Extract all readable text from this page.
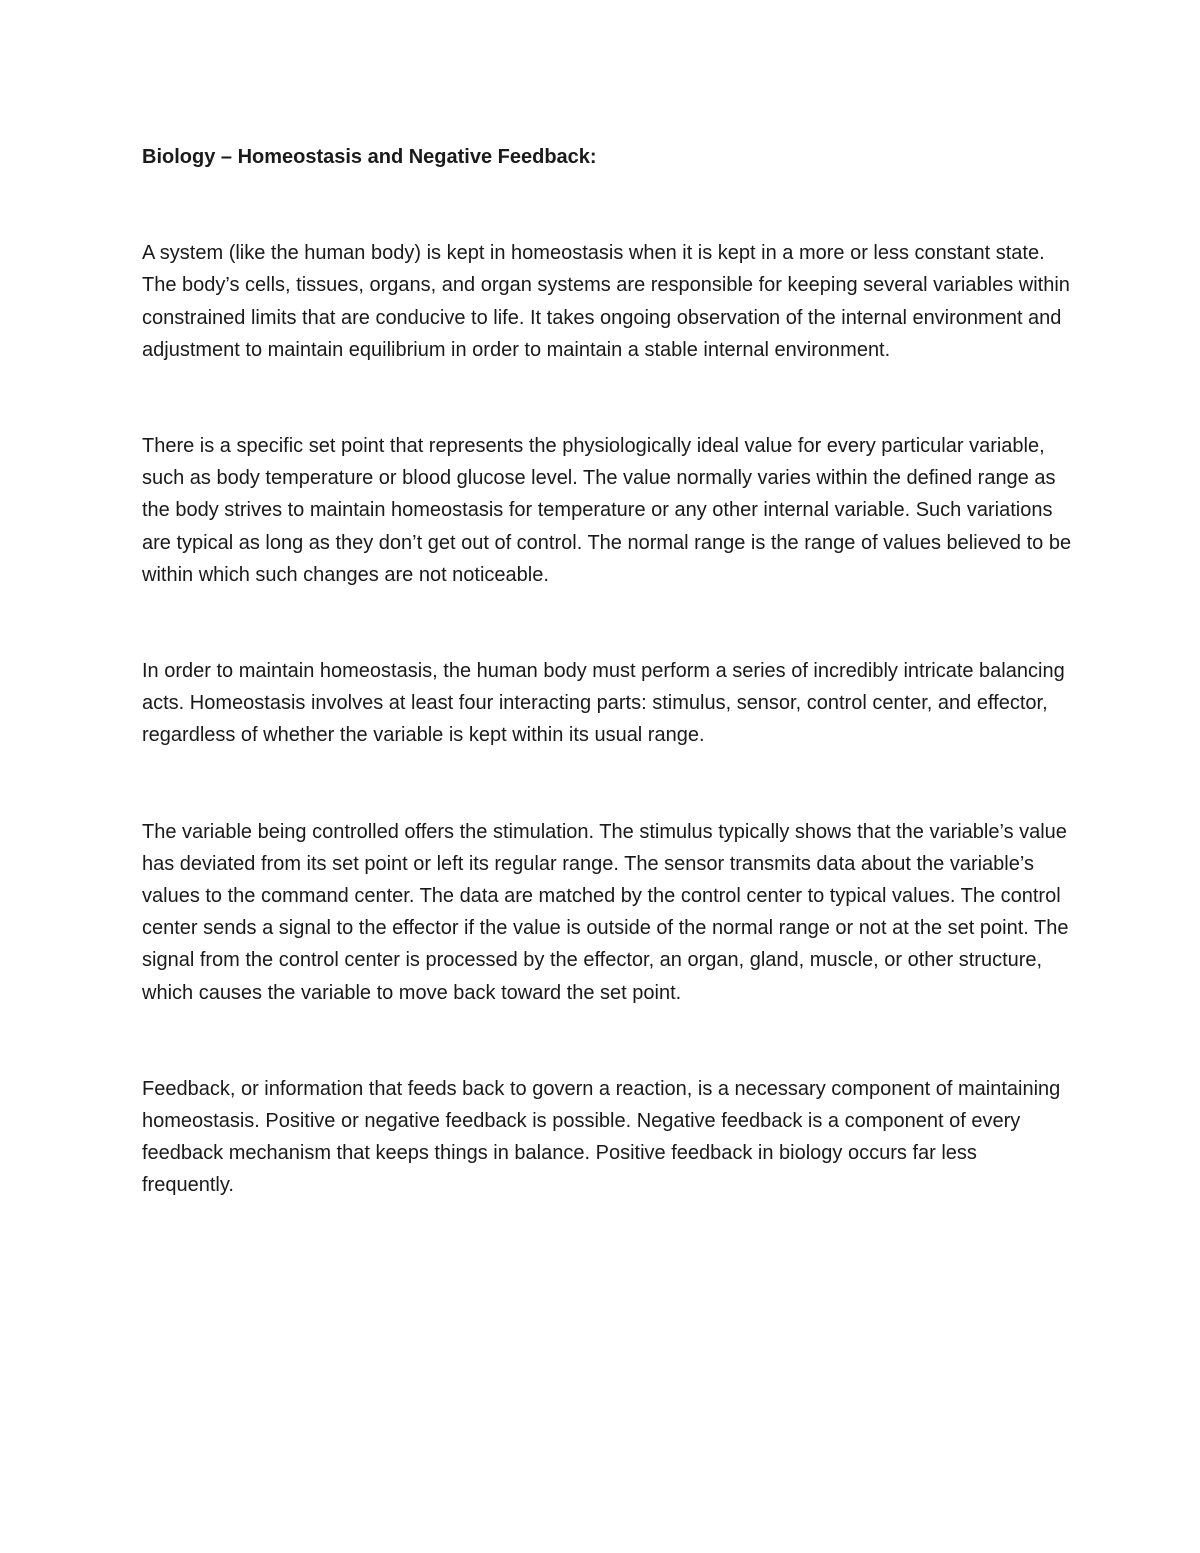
Biology – Homeostasis and Negative Feedback:

A system (like the human body) is kept in homeostasis when it is kept in a more or less constant state. The body’s cells, tissues, organs, and organ systems are responsible for keeping several variables within constrained limits that are conducive to life. It takes ongoing observation of the internal environment and adjustment to maintain equilibrium in order to maintain a stable internal environment.

There is a specific set point that represents the physiologically ideal value for every particular variable, such as body temperature or blood glucose level. The value normally varies within the defined range as the body strives to maintain homeostasis for temperature or any other internal variable. Such variations are typical as long as they don’t get out of control. The normal range is the range of values believed to be within which such changes are not noticeable.

In order to maintain homeostasis, the human body must perform a series of incredibly intricate balancing acts. Homeostasis involves at least four interacting parts: stimulus, sensor, control center, and effector, regardless of whether the variable is kept within its usual range.

The variable being controlled offers the stimulation. The stimulus typically shows that the variable’s value has deviated from its set point or left its regular range. The sensor transmits data about the variable’s values to the command center. The data are matched by the control center to typical values. The control center sends a signal to the effector if the value is outside of the normal range or not at the set point. The signal from the control center is processed by the effector, an organ, gland, muscle, or other structure, which causes the variable to move back toward the set point.

Feedback, or information that feeds back to govern a reaction, is a necessary component of maintaining homeostasis. Positive or negative feedback is possible. Negative feedback is a component of every feedback mechanism that keeps things in balance. Positive feedback in biology occurs far less frequently.
